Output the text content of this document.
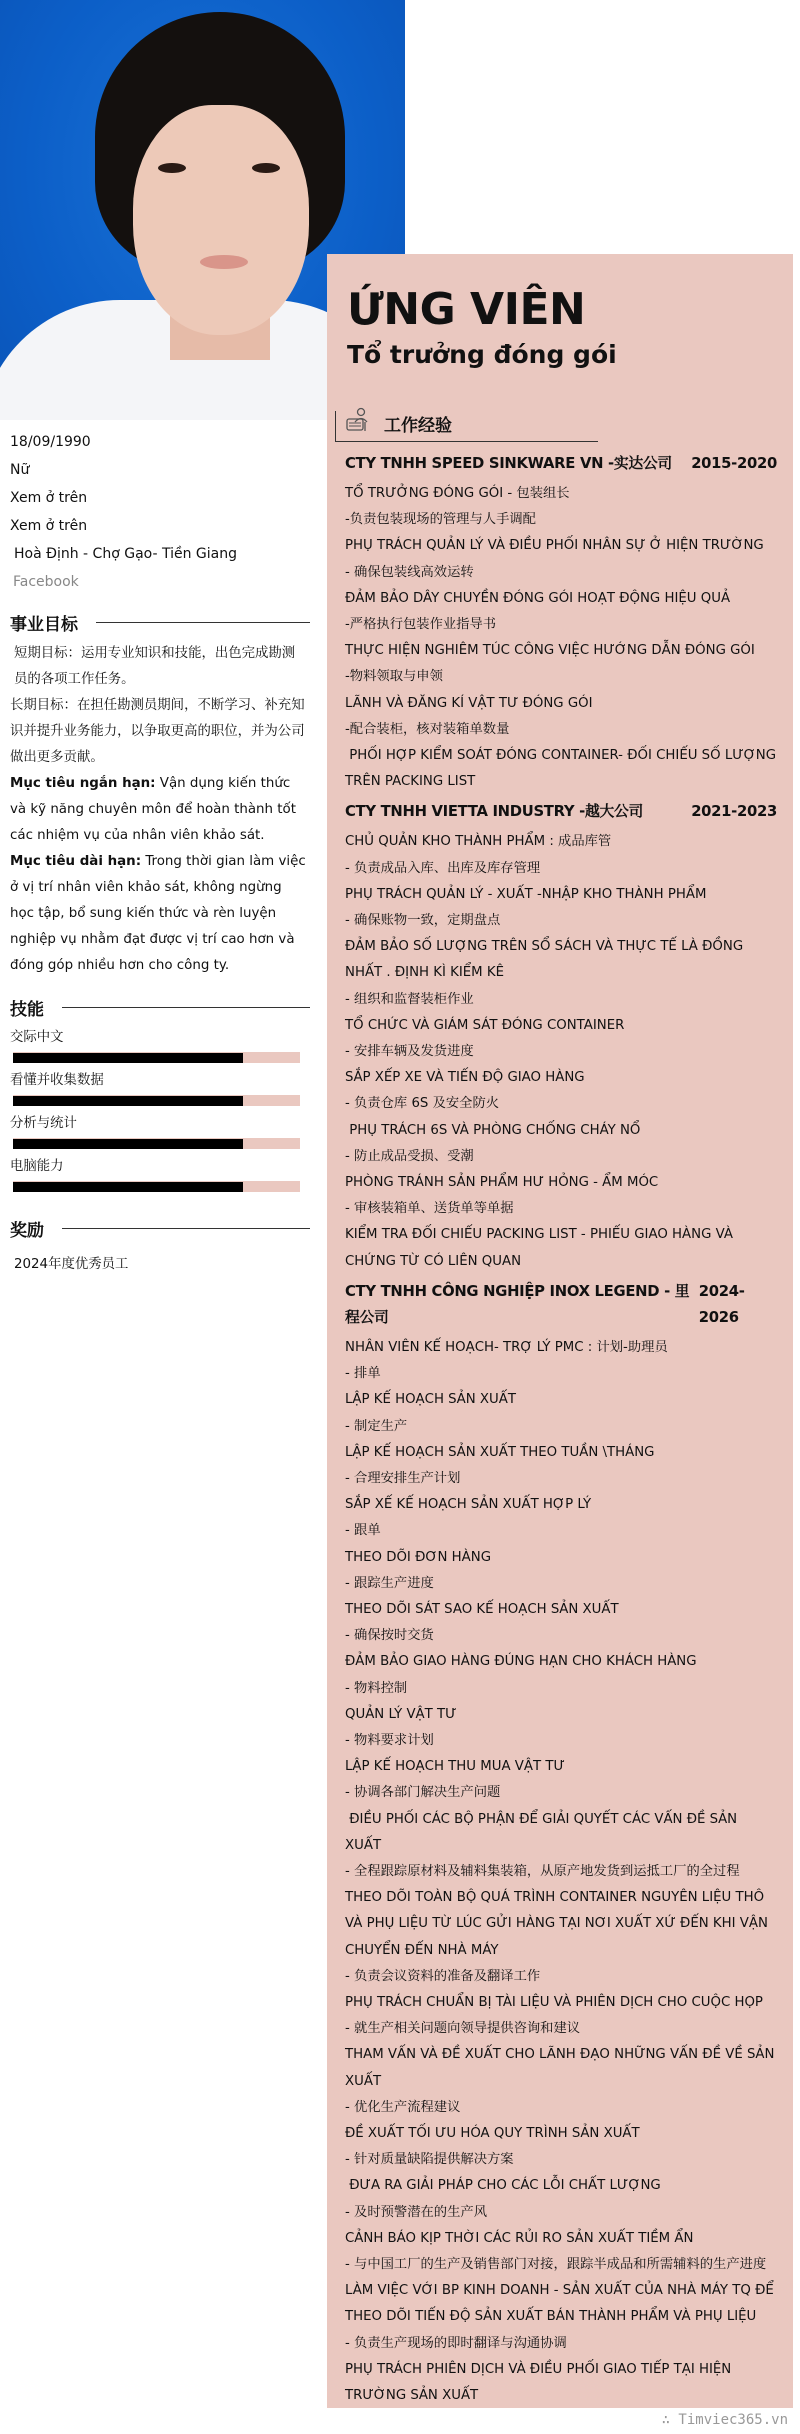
18/09/1990
Nữ
Xem ở trên
Xem ở trên
Hoà Định - Chợ Gạo- Tiền Giang
Facebook
事业目标
短期目标：运用专业知识和技能，出色完成勘测员的各项工作任务。
长期目标：在担任勘测员期间，不断学习、补充知识并提升业务能力，以争取更高的职位，并为公司做出更多贡献。
Mục tiêu ngắn hạn: Vận dụng kiến thức và kỹ năng chuyên môn để hoàn thành tốt các nhiệm vụ của nhân viên khảo sát.
Mục tiêu dài hạn: Trong thời gian làm việc ở vị trí nhân viên khảo sát, không ngừng học tập, bổ sung kiến thức và rèn luyện nghiệp vụ nhằm đạt được vị trí cao hơn và đóng góp nhiều hơn cho công ty.
技能
交际中文
看懂并收集数据
分析与统计
电脑能力
奖励
2024年度优秀员工
ỨNG VIÊN
Tổ trưởng đóng gói
工作经验
CTY TNHH SPEED SINKWARE VN -实达公司 2015-2020
TỔ TRƯỞNG ĐÓNG GÓI - 包装组长
-负责包装现场的管理与人手调配
PHỤ TRÁCH QUẢN LÝ VÀ ĐIỀU PHỐI NHÂN SỰ Ở HIỆN TRƯỜNG
- 确保包装线高效运转
ĐẢM BẢO DÂY CHUYỀN ĐÓNG GÓI HOẠT ĐỘNG HIỆU QUẢ
-严格执行包装作业指导书
THỰC HIỆN NGHIÊM TÚC CÔNG VIỆC HƯỚNG DẪN ĐÓNG GÓI
-物料领取与申领
LÃNH VÀ ĐĂNG KÍ VẬT TƯ ĐÓNG GÓI
-配合装柜，核对装箱单数量
PHỐI HỢP KIỂM SOÁT ĐÓNG CONTAINER- ĐỐI CHIẾU SỐ LƯỢNG TRÊN PACKING LIST
CTY TNHH VIETTA INDUSTRY -越大公司	2021-2023
CHỦ QUẢN KHO THÀNH PHẨM : 成品库管
- 负责成品入库、出库及库存管理
PHỤ TRÁCH QUẢN LÝ - XUẤT -NHẬP KHO THÀNH PHẨM
- 确保账物一致，定期盘点
ĐẢM BẢO SỐ LƯỢNG TRÊN SỔ SÁCH VÀ THỰC TẾ LÀ ĐỒNG NHẤT . ĐỊNH KÌ KIỂM KÊ
- 组织和监督装柜作业
TỔ CHỨC VÀ GIÁM SÁT ĐÓNG CONTAINER
- 安排车辆及发货进度
SẮP XẾP XE VÀ TIẾN ĐỘ GIAO HÀNG
- 负责仓库 6S 及安全防火
PHỤ TRÁCH 6S VÀ PHÒNG CHỐNG CHÁY NỔ
- 防止成品受损、受潮
PHÒNG TRÁNH SẢN PHẨM HƯ HỎNG - ẨM MÓC
- 审核装箱单、送货单等单据
KIỂM TRA ĐỐI CHIẾU PACKING LIST - PHIẾU GIAO HÀNG VÀ CHỨNG TỪ CÓ LIÊN QUAN
CTY TNHH CÔNG NGHIỆP INOX LEGEND - 里程公司
2024-2026
NHÂN VIÊN KẾ HOẠCH- TRỢ LÝ PMC : 计划-助理员
- 排单
LẬP KẾ HOẠCH SẢN XUẤT
- 制定生产
LẬP KẾ HOẠCH SẢN XUẤT THEO TUẦN \THÁNG
- 合理安排生产计划
SẮP XẾ KẾ HOẠCH SẢN XUẤT HỢP LÝ
- 跟单
THEO DÕI ĐƠN HÀNG
- 跟踪生产进度
THEO DÕI SÁT SAO KẾ HOẠCH SẢN XUẤT
- 确保按时交货
ĐẢM BẢO GIAO HÀNG ĐÚNG HẠN CHO KHÁCH HÀNG
- 物料控制
QUẢN LÝ VẬT TƯ
- 物料要求计划
LẬP KẾ HOẠCH THU MUA VẬT TƯ
- 协调各部门解决生产问题
ĐIỀU PHỐI CÁC BỘ PHẬN ĐỂ GIẢI QUYẾT CÁC VẤN ĐỀ SẢN XUẤT
- 全程跟踪原材料及辅料集装箱，从原产地发货到运抵工厂的全过程
THEO DÕI TOÀN BỘ QUÁ TRÌNH CONTAINER NGUYÊN LIỆU THÔ VÀ PHỤ LIỆU TỪ LÚC GỬI HÀNG TẠI NƠI XUẤT XỨ ĐẾN KHI VẬN CHUYỂN ĐẾN NHÀ MÁY
- 负责会议资料的准备及翻译工作
PHỤ TRÁCH CHUẨN BỊ TÀI LIỆU VÀ PHIÊN DỊCH CHO CUỘC HỌP
- 就生产相关问题向领导提供咨询和建议
THAM VẤN VÀ ĐỀ XUẤT CHO LÃNH ĐẠO NHỮNG VẤN ĐỀ VỀ SẢN XUẤT
- 优化生产流程建议
ĐỀ XUẤT TỐI ƯU HÓA QUY TRÌNH SẢN XUẤT
- 针对质量缺陷提供解决方案
ĐƯA RA GIẢI PHÁP CHO CÁC LỖI CHẤT LƯỢNG
- 及时预警潜在的生产风
CẢNH BÁO KỊP THỜI CÁC RỦI RO SẢN XUẤT TIỀM ẨN
- 与中国工厂的生产及销售部门对接，跟踪半成品和所需辅料的生产进度
LÀM VIỆC VỚI BP KINH DOANH - SẢN XUẤT CỦA NHÀ MÁY TQ ĐỂ THEO DÕI TIẾN ĐỘ SẢN XUẤT BÁN THÀNH PHẨM VÀ PHỤ LIỆU
- 负责生产现场的即时翻译与沟通协调
PHỤ TRÁCH PHIÊN DỊCH VÀ ĐIỀU PHỐI GIAO TIẾP TẠI HIỆN TRƯỜNG SẢN XUẤT
∴ Timviec365.vn
